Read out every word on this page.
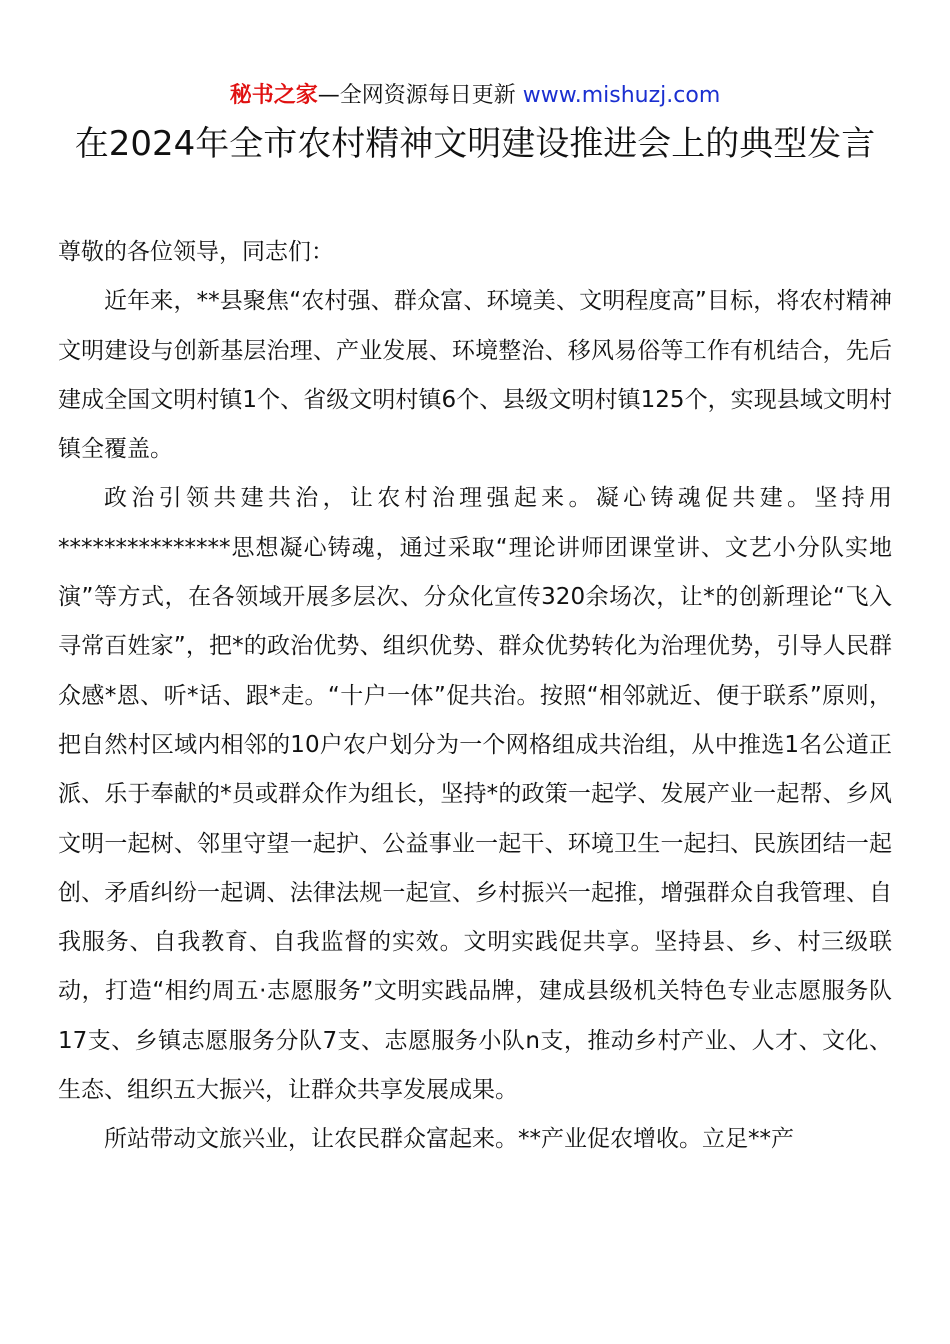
秘书之家—全网资源每日更新 www.mishuzj.com
在2024年全市农村精神文明建设推进会上的典型发言

尊敬的各位领导，同志们：

近年来，**县聚焦“农村强、群众富、环境美、文明程度高”目标，将农村精神文明建设与创新基层治理、产业发展、环境整治、移风易俗等工作有机结合，先后建成全国文明村镇1个、省级文明村镇6个、县级文明村镇125个，实现县域文明村镇全覆盖。

政治引领共建共治，让农村治理强起来。凝心铸魂促共建。坚持用***************思想凝心铸魂，通过采取“理论讲师团课堂讲、文艺小分队实地演”等方式，在各领域开展多层次、分众化宣传320余场次，让*的创新理论“飞入寻常百姓家”，把*的政治优势、组织优势、群众优势转化为治理优势，引导人民群众感*恩、听*话、跟*走。“十户一体”促共治。按照“相邻就近、便于联系”原则，把自然村区域内相邻的10户农户划分为一个网格组成共治组，从中推选1名公道正派、乐于奉献的*员或群众作为组长，坚持*的政策一起学、发展产业一起帮、乡风文明一起树、邻里守望一起护、公益事业一起干、环境卫生一起扫、民族团结一起创、矛盾纠纷一起调、法律法规一起宣、乡村振兴一起推，增强群众自我管理、自我服务、自我教育、自我监督的实效。文明实践促共享。坚持县、乡、村三级联动，打造“相约周五·志愿服务”文明实践品牌，建成县级机关特色专业志愿服务队17支、乡镇志愿服务分队7支、志愿服务小队n支，推动乡村产业、人才、文化、生态、组织五大振兴，让群众共享发展成果。

所站带动文旅兴业，让农民群众富起来。**产业促农增收。立足**产
